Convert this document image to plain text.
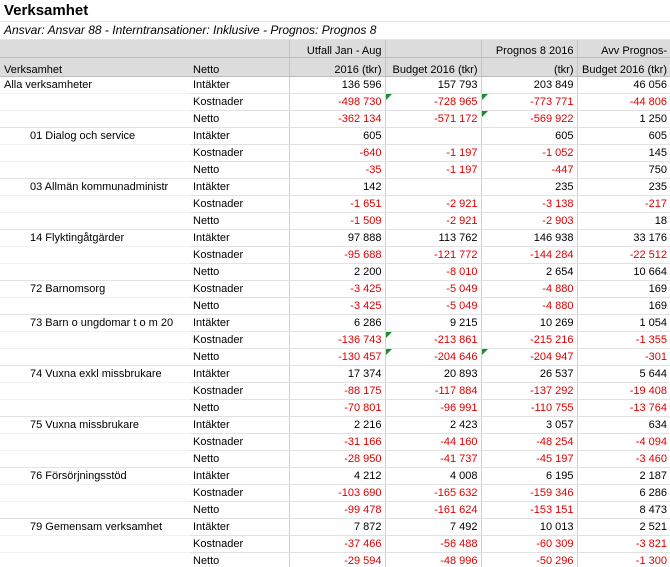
Verksamhet
Ansvar: Ansvar 88 - Interntransationer: Inklusive - Prognos: Prognos 8
		Utfall Jan - Aug		Prognos 8 2016	Avv Prognos-
Verksamhet	Netto	2016 (tkr)	Budget 2016 (tkr)	(tkr)	Budget 2016 (tkr)
Alla verksamheter	Intäkter	136 596	157 793	203 849	46 056
	Kostnader	-498 730	-728 965	-773 771	-44 806
	Netto	-362 134	-571 172	-569 922	1 250
01 Dialog och service	Intäkter	605		605	605
	Kostnader	-640	-1 197	-1 052	145
	Netto	-35	-1 197	-447	750
03 Allmän kommunadministr	Intäkter	142		235	235
	Kostnader	-1 651	-2 921	-3 138	-217
	Netto	-1 509	-2 921	-2 903	18
14 Flyktingåtgärder	Intäkter	97 888	113 762	146 938	33 176
	Kostnader	-95 688	-121 772	-144 284	-22 512
	Netto	2 200	-8 010	2 654	10 664
72 Barnomsorg	Kostnader	-3 425	-5 049	-4 880	169
	Netto	-3 425	-5 049	-4 880	169
73 Barn o ungdomar t o m 20	Intäkter	6 286	9 215	10 269	1 054
	Kostnader	-136 743	-213 861	-215 216	-1 355
	Netto	-130 457	-204 646	-204 947	-301
74 Vuxna exkl missbrukare	Intäkter	17 374	20 893	26 537	5 644
	Kostnader	-88 175	-117 884	-137 292	-19 408
	Netto	-70 801	-96 991	-110 755	-13 764
75 Vuxna missbrukare	Intäkter	2 216	2 423	3 057	634
	Kostnader	-31 166	-44 160	-48 254	-4 094
	Netto	-28 950	-41 737	-45 197	-3 460
76 Försörjningsstöd	Intäkter	4 212	4 008	6 195	2 187
	Kostnader	-103 690	-165 632	-159 346	6 286
	Netto	-99 478	-161 624	-153 151	8 473
79 Gemensam verksamhet	Intäkter	7 872	7 492	10 013	2 521
	Kostnader	-37 466	-56 488	-60 309	-3 821
	Netto	-29 594	-48 996	-50 296	-1 300
